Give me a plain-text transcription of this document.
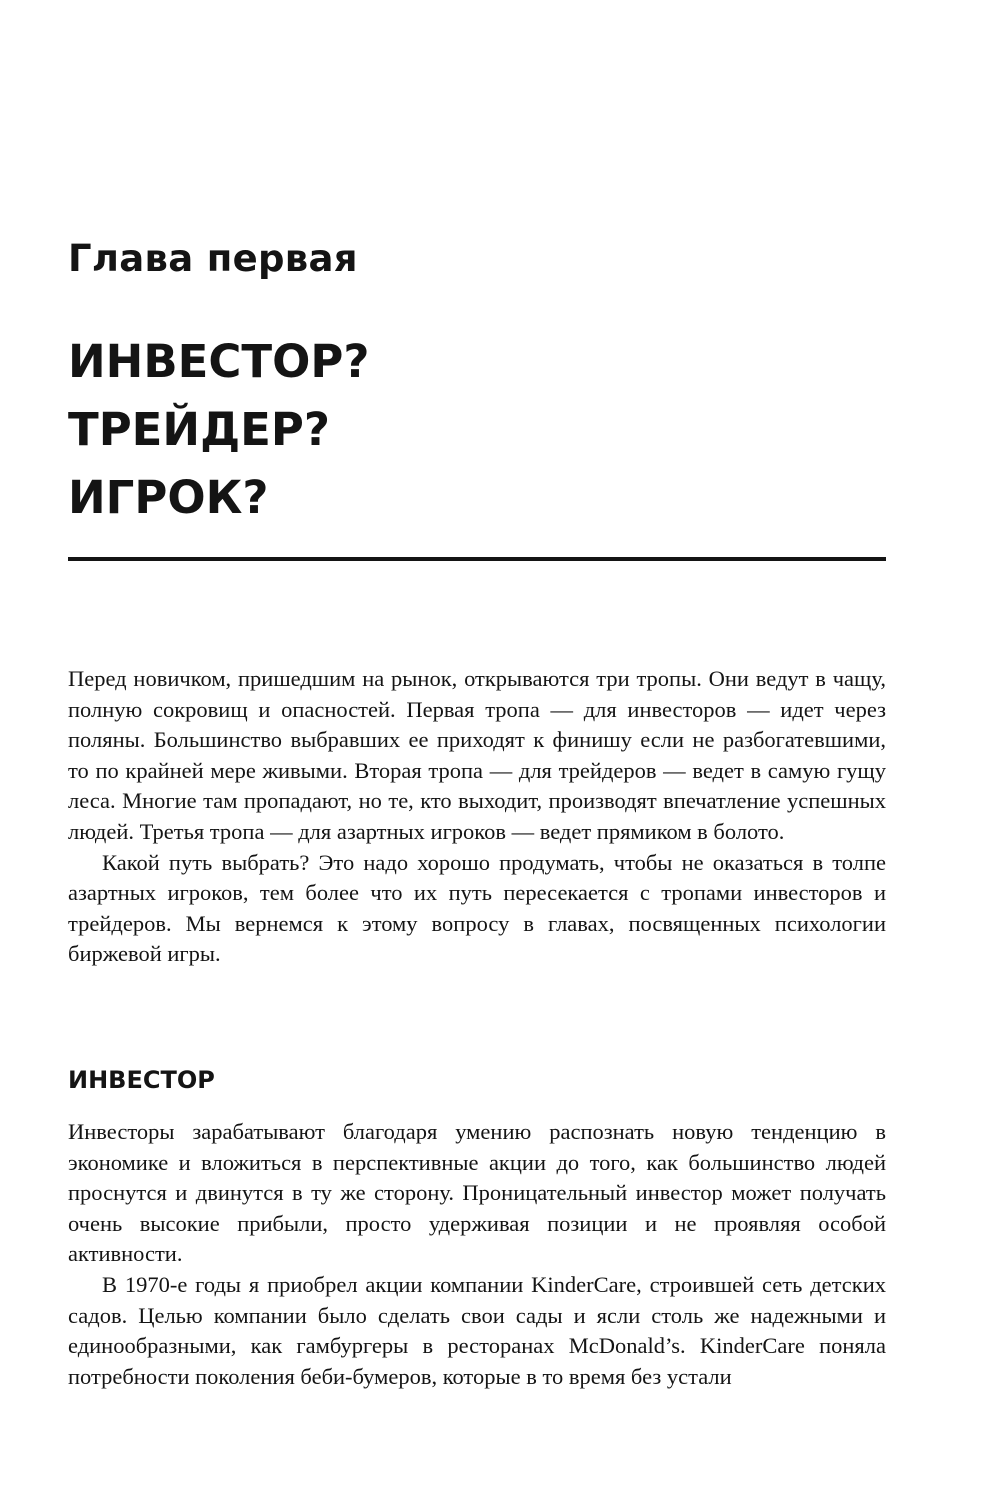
Глава первая
ИНВЕСТОР?
ТРЕЙДЕР?
ИГРОК?

Перед новичком, пришедшим на рынок, открываются три тропы. Они ведут в чащу, полную сокровищ и опасностей. Первая тропа — для инвесторов — идет через поляны. Большинство выбравших ее приходят к финишу если не разбогатевшими, то по крайней мере живыми. Вторая тропа — для трейдеров — ведет в самую гущу леса. Многие там пропадают, но те, кто выходит, производят впечатление успешных людей. Третья тропа — для азартных игроков — ведет прямиком в болото.

Какой путь выбрать? Это надо хорошо продумать, чтобы не оказаться в толпе азартных игроков, тем более что их путь пересекается с тропами инвесторов и трейдеров. Мы вернемся к этому вопросу в главах, посвященных психологии биржевой игры.

ИНВЕСТОР

Инвесторы зарабатывают благодаря умению распознать новую тенденцию в экономике и вложиться в перспективные акции до того, как большинство людей проснутся и двинутся в ту же сторону. Проницательный инвестор может получать очень высокие прибыли, просто удерживая позиции и не проявляя особой активности.

В 1970-е годы я приобрел акции компании KinderCare, строившей сеть детских садов. Целью компании было сделать свои сады и ясли столь же надежными и единообразными, как гамбургеры в ресторанах McDonald’s. KinderCare поняла потребности поколения беби-бумеров, которые в то время без устали
